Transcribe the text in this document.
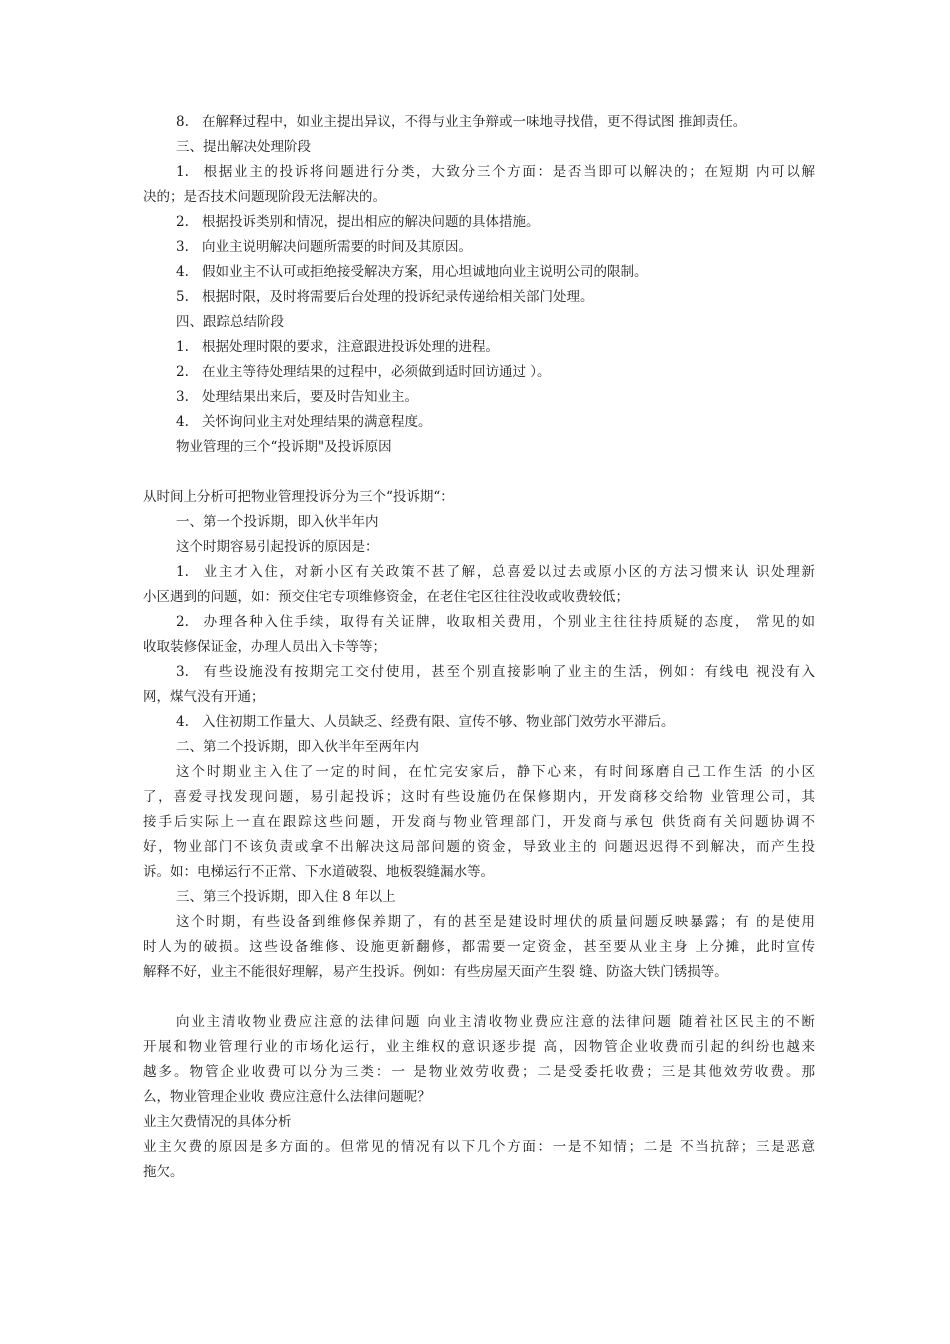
8. 在解释过程中，如业主提出异议，不得与业主争辩或一味地寻找借，更不得试图 推卸责任。
三、提出解决处理阶段
1. 根据业主的投诉将问题进行分类，大致分三个方面：是否当即可以解决的；在短期 内可以解
决的；是否技术问题现阶段无法解决的。
2. 根据投诉类别和情况，提出相应的解决问题的具体措施。
3. 向业主说明解决问题所需要的时间及其原因。
4. 假如业主不认可或拒绝接受解决方案，用心坦诚地向业主说明公司的限制。
5. 根据时限，及时将需要后台处理的投诉纪录传递给相关部门处理。
四、跟踪总结阶段
1. 根据处理时限的要求，注意跟进投诉处理的进程。
2. 在业主等待处理结果的过程中，必须做到适时回访通过 ）。
3. 处理结果出来后，要及时告知业主。
4. 关怀询问业主对处理结果的满意程度。
物业管理的三个“投诉期"及投诉原因
从时间上分析可把物业管理投诉分为三个“投诉期“：
一、第一个投诉期，即入伙半年内
这个时期容易引起投诉的原因是：
1. 业主才入住，对新小区有关政策不甚了解，总喜爱以过去或原小区的方法习惯来认 识处理新
小区遇到的问题，如：预交住宅专项维修资金，在老住宅区往往没收或收费较低；
2. 办理各种入住手续，取得有关证牌，收取相关费用，个别业主往往持质疑的态度， 常见的如
收取装修保证金，办理人员出入卡等等；
3. 有些设施没有按期完工交付使用，甚至个别直接影响了业主的生活，例如：有线电 视没有入
网，煤气没有开通；
4. 入住初期工作量大、人员缺乏、经费有限、宣传不够、物业部门效劳水平滞后。
二、第二个投诉期，即入伙半年至两年内
这个时期业主入住了一定的时间，在忙完安家后，静下心来，有时间琢磨自己工作生活 的小区
了，喜爱寻找发现问题，易引起投诉；这时有些设施仍在保修期内，开发商移交给物 业管理公司，其
接手后实际上一直在跟踪这些问题，开发商与物业管理部门，开发商与承包 供货商有关问题协调不
好，物业部门不该负责或拿不出解决这局部问题的资金，导致业主的 问题迟迟得不到解决，而产生投
诉。如：电梯运行不正常、下水道破裂、地板裂缝漏水等。
三、第三个投诉期，即入住 8 年以上
这个时期，有些设备到维修保养期了，有的甚至是建设时埋伏的质量问题反映暴露；有 的是使用
时人为的破损。这些设备维修、设施更新翻修，都需要一定资金，甚至要从业主身 上分摊，此时宣传
解释不好，业主不能很好理解，易产生投诉。例如：有些房屋天面产生裂 缝、防盗大铁门锈损等。
向业主清收物业费应注意的法律问题 向业主清收物业费应注意的法律问题 随着社区民主的不断
开展和物业管理行业的市场化运行，业主维权的意识逐步提 高，因物管企业收费而引起的纠纷也越来
越多。物管企业收费可以分为三类：一 是物业效劳收费；二是受委托收费；三是其他效劳收费。那
么，物业管理企业收 费应注意什么法律问题呢？
业主欠费情况的具体分析
业主欠费的原因是多方面的。但常见的情况有以下几个方面：一是不知情；二是 不当抗辞；三是恶意
拖欠。
